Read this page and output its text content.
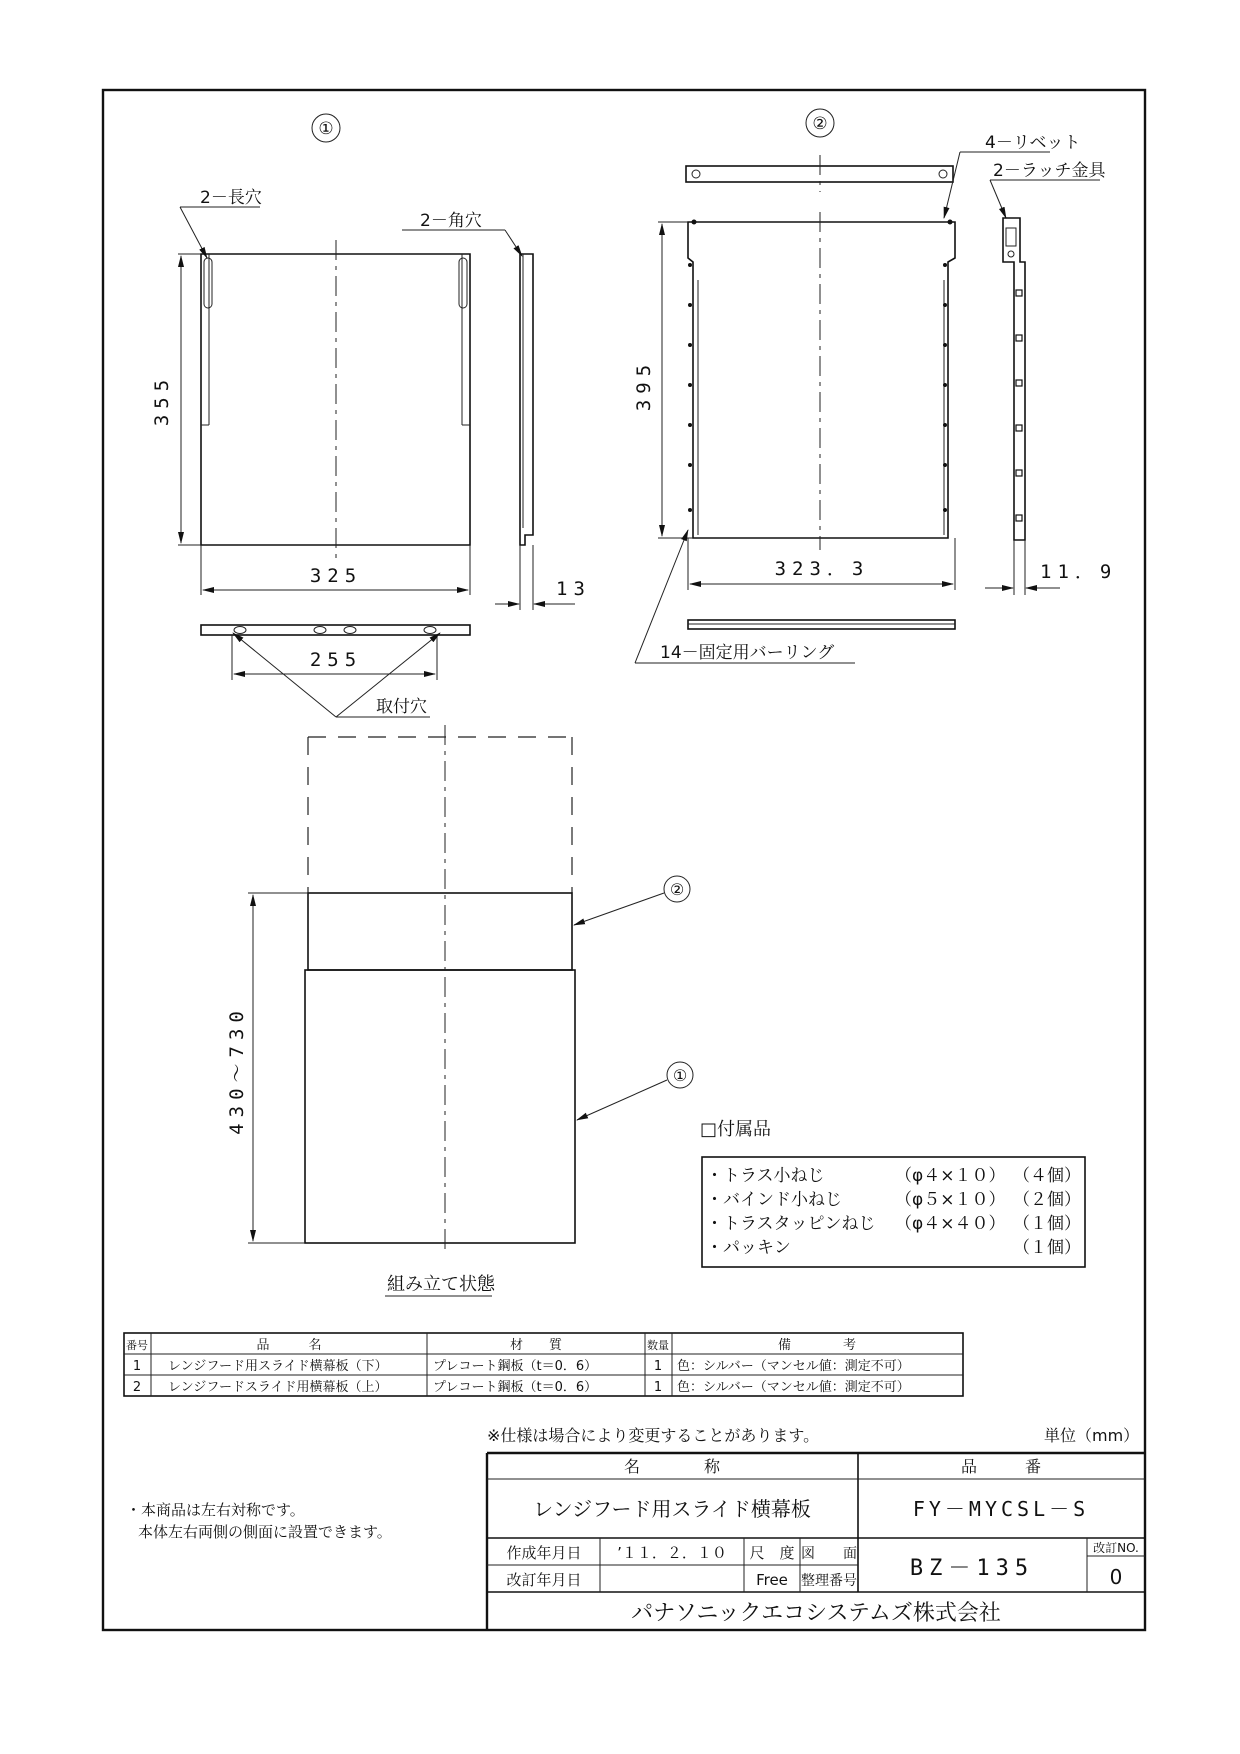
①
2－長穴
355
325
2－角穴
13
255
取付穴
②
4－リベット
395
323．3
14－固定用バーリング
2－ラッチ金具
11．9
②
①
430～730
組み立て状態
□付属品
・トラス小ねじ	（φ４×１０） （４個）
・バインド小ねじ	（φ５×１０） （２個）
・トラスタッピンねじ （φ４×４０） （１個）
・パッキン	（１個）
番号	品　　　名	材　　質	数量	備　　　　考
1 レンジフード用スライド横幕板（下）	プレコート鋼板（t＝0．6）	1 色：シルバー（マンセル値：測定不可）
2 レンジフードスライド用横幕板（上）	プレコート鋼板（t＝0．6）	1 色：シルバー（マンセル値：測定不可）
※仕様は場合により変更することがあります。	単位（mm）
・本商品は左右対称です。
本体左右両側の側面に設置できます。
名　　　　称	品　　　番
レンジフード用スライド横幕板	FY－MYCSL－S
作成年月日 ’１１．２．１０ 尺　度
改訂年月日	Free
図　　面
整理番号 BZ－135
改訂NO.
0
パナソニックエコシステムズ株式会社
